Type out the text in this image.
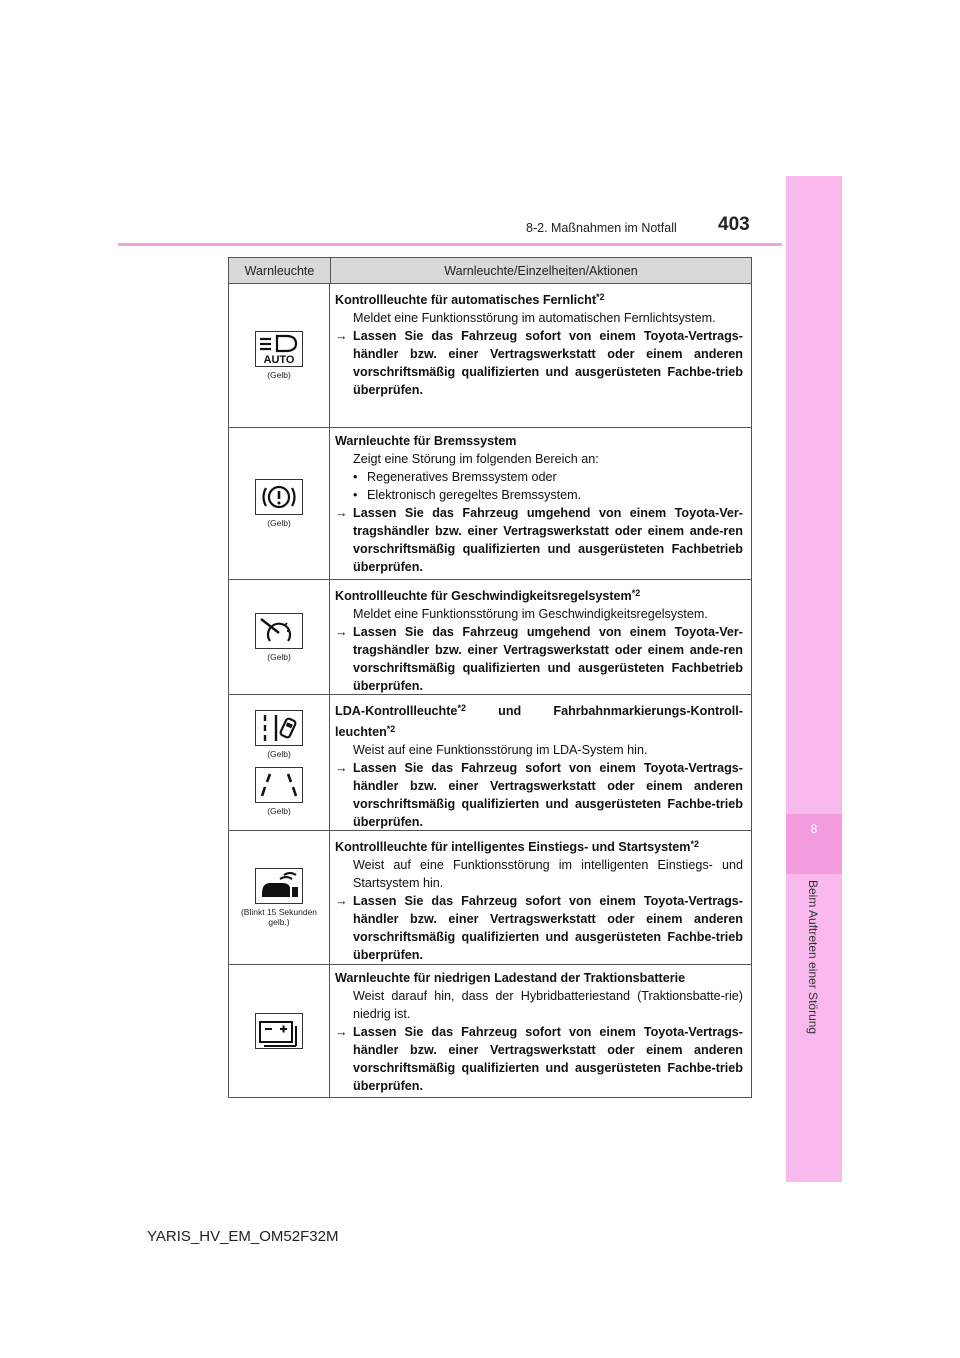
8-2. Maßnahmen im Notfall 403
8
Beim Auftreten einer Störung
Warnleuchte	Warnleuchte/Einzelheiten/Aktionen
AUTO
(Gelb)
Kontrollleuchte für automatisches Fernlicht$^{*2}$
Meldet eine Funktionsstörung im automatischen Fernlichtsystem.
→ Lassen Sie das Fahrzeug sofort von einem Toyota-Vertrags-händler bzw. einer Vertragswerkstatt oder einem anderen vorschriftsmäßig qualifizierten und ausgerüsteten Fachbe-trieb überprüfen.
(Gelb)
Warnleuchte für Bremssystem
Zeigt eine Störung im folgenden Bereich an:
• Regeneratives Bremssystem oder
• Elektronisch geregeltes Bremssystem.
→ Lassen Sie das Fahrzeug umgehend von einem Toyota-Ver-tragshändler bzw. einer Vertragswerkstatt oder einem ande-ren vorschriftsmäßig qualifizierten und ausgerüsteten Fachbetrieb überprüfen.
(Gelb)
Kontrollleuchte für Geschwindigkeitsregelsystem$^{*2}$
Meldet eine Funktionsstörung im Geschwindigkeitsregelsystem.
→ Lassen Sie das Fahrzeug umgehend von einem Toyota-Ver-tragshändler bzw. einer Vertragswerkstatt oder einem ande-ren vorschriftsmäßig qualifizierten und ausgerüsteten Fachbetrieb überprüfen.
(Gelb)
(Gelb)
LDA-Kontrollleuchte$^{*2}$ und Fahrbahnmarkierungs-Kontroll-leuchten$^{*2}$
Weist auf eine Funktionsstörung im LDA-System hin.
→ Lassen Sie das Fahrzeug sofort von einem Toyota-Vertrags-händler bzw. einer Vertragswerkstatt oder einem anderen vorschriftsmäßig qualifizierten und ausgerüsteten Fachbe-trieb überprüfen.
(Blinkt 15 Sekunden gelb.)
Kontrollleuchte für intelligentes Einstiegs- und Startsystem$^{*2}$
Weist auf eine Funktionsstörung im intelligenten Einstiegs- und Startsystem hin.
→ Lassen Sie das Fahrzeug sofort von einem Toyota-Vertrags-händler bzw. einer Vertragswerkstatt oder einem anderen vorschriftsmäßig qualifizierten und ausgerüsteten Fachbe-trieb überprüfen.
Warnleuchte für niedrigen Ladestand der Traktionsbatterie
Weist darauf hin, dass der Hybridbatteriestand (Traktionsbatte-rie) niedrig ist.
→ Lassen Sie das Fahrzeug sofort von einem Toyota-Vertrags-händler bzw. einer Vertragswerkstatt oder einem anderen vorschriftsmäßig qualifizierten und ausgerüsteten Fachbe-trieb überprüfen.
YARIS_HV_EM_OM52F32M
